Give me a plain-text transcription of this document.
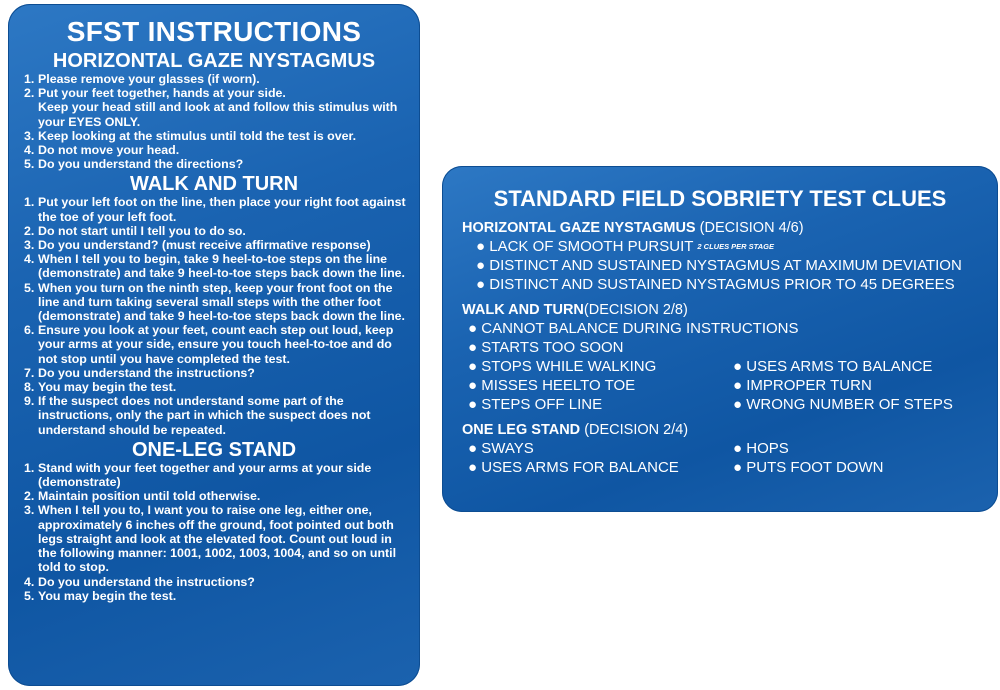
SFST INSTRUCTIONS
HORIZONTAL GAZE NYSTAGMUS
1. Please remove your glasses (if worn).
2. Put your feet together, hands at your side.
Keep your head still and look at and follow this stimulus with your EYES ONLY.
3. Keep looking at the stimulus until told the test is over.
4. Do not move your head.
5. Do you understand the directions?
WALK AND TURN
1. Put your left foot on the line, then place your right foot against the toe of your left foot.
2. Do not start until I tell you to do so.
3. Do you understand? (must receive affirmative response)
4. When I tell you to begin, take 9 heel-to-toe steps on the line (demonstrate) and take 9 heel-to-toe steps back down the line.
5. When you turn on the ninth step, keep your front foot on the line and turn taking several small steps with the other foot (demonstrate) and take 9 heel-to-toe steps back down the line.
6. Ensure you look at your feet, count each step out loud, keep your arms at your side, ensure you touch heel-to-toe and do not stop until you have completed the test.
7. Do you understand the instructions?
8. You may begin the test.
9. If the suspect does not understand some part of the instructions, only the part in which the suspect does not understand should be repeated.
ONE-LEG STAND
1. Stand with your feet together and your arms at your side (demonstrate)
2. Maintain position until told otherwise.
3. When I tell you to, I want you to raise one leg, either one, approximately 6 inches off the ground, foot pointed out both legs straight and look at the elevated foot. Count out loud in the following manner: 1001, 1002, 1003, 1004, and so on until told to stop.
4. Do you understand the instructions?
5. You may begin the test.
STANDARD FIELD SOBRIETY TEST CLUES
HORIZONTAL GAZE NYSTAGMUS (DECISION 4/6)
● LACK OF SMOOTH PURSUIT $^{2 CLUES PER STAGE}$
● DISTINCT AND SUSTAINED NYSTAGMUS AT MAXIMUM DEVIATION
● DISTINCT AND SUSTAINED NYSTAGMUS PRIOR TO 45 DEGREES
WALK AND TURN(DECISION 2/8)
● CANNOT BALANCE DURING INSTRUCTIONS
● STARTS TOO SOON
● STOPS WHILE WALKING	● USES ARMS TO BALANCE
● MISSES HEELTO TOE	● IMPROPER TURN
● STEPS OFF LINE	● WRONG NUMBER OF STEPS
ONE LEG STAND (DECISION 2/4)
● SWAYS	● HOPS
● USES ARMS FOR BALANCE	● PUTS FOOT DOWN
